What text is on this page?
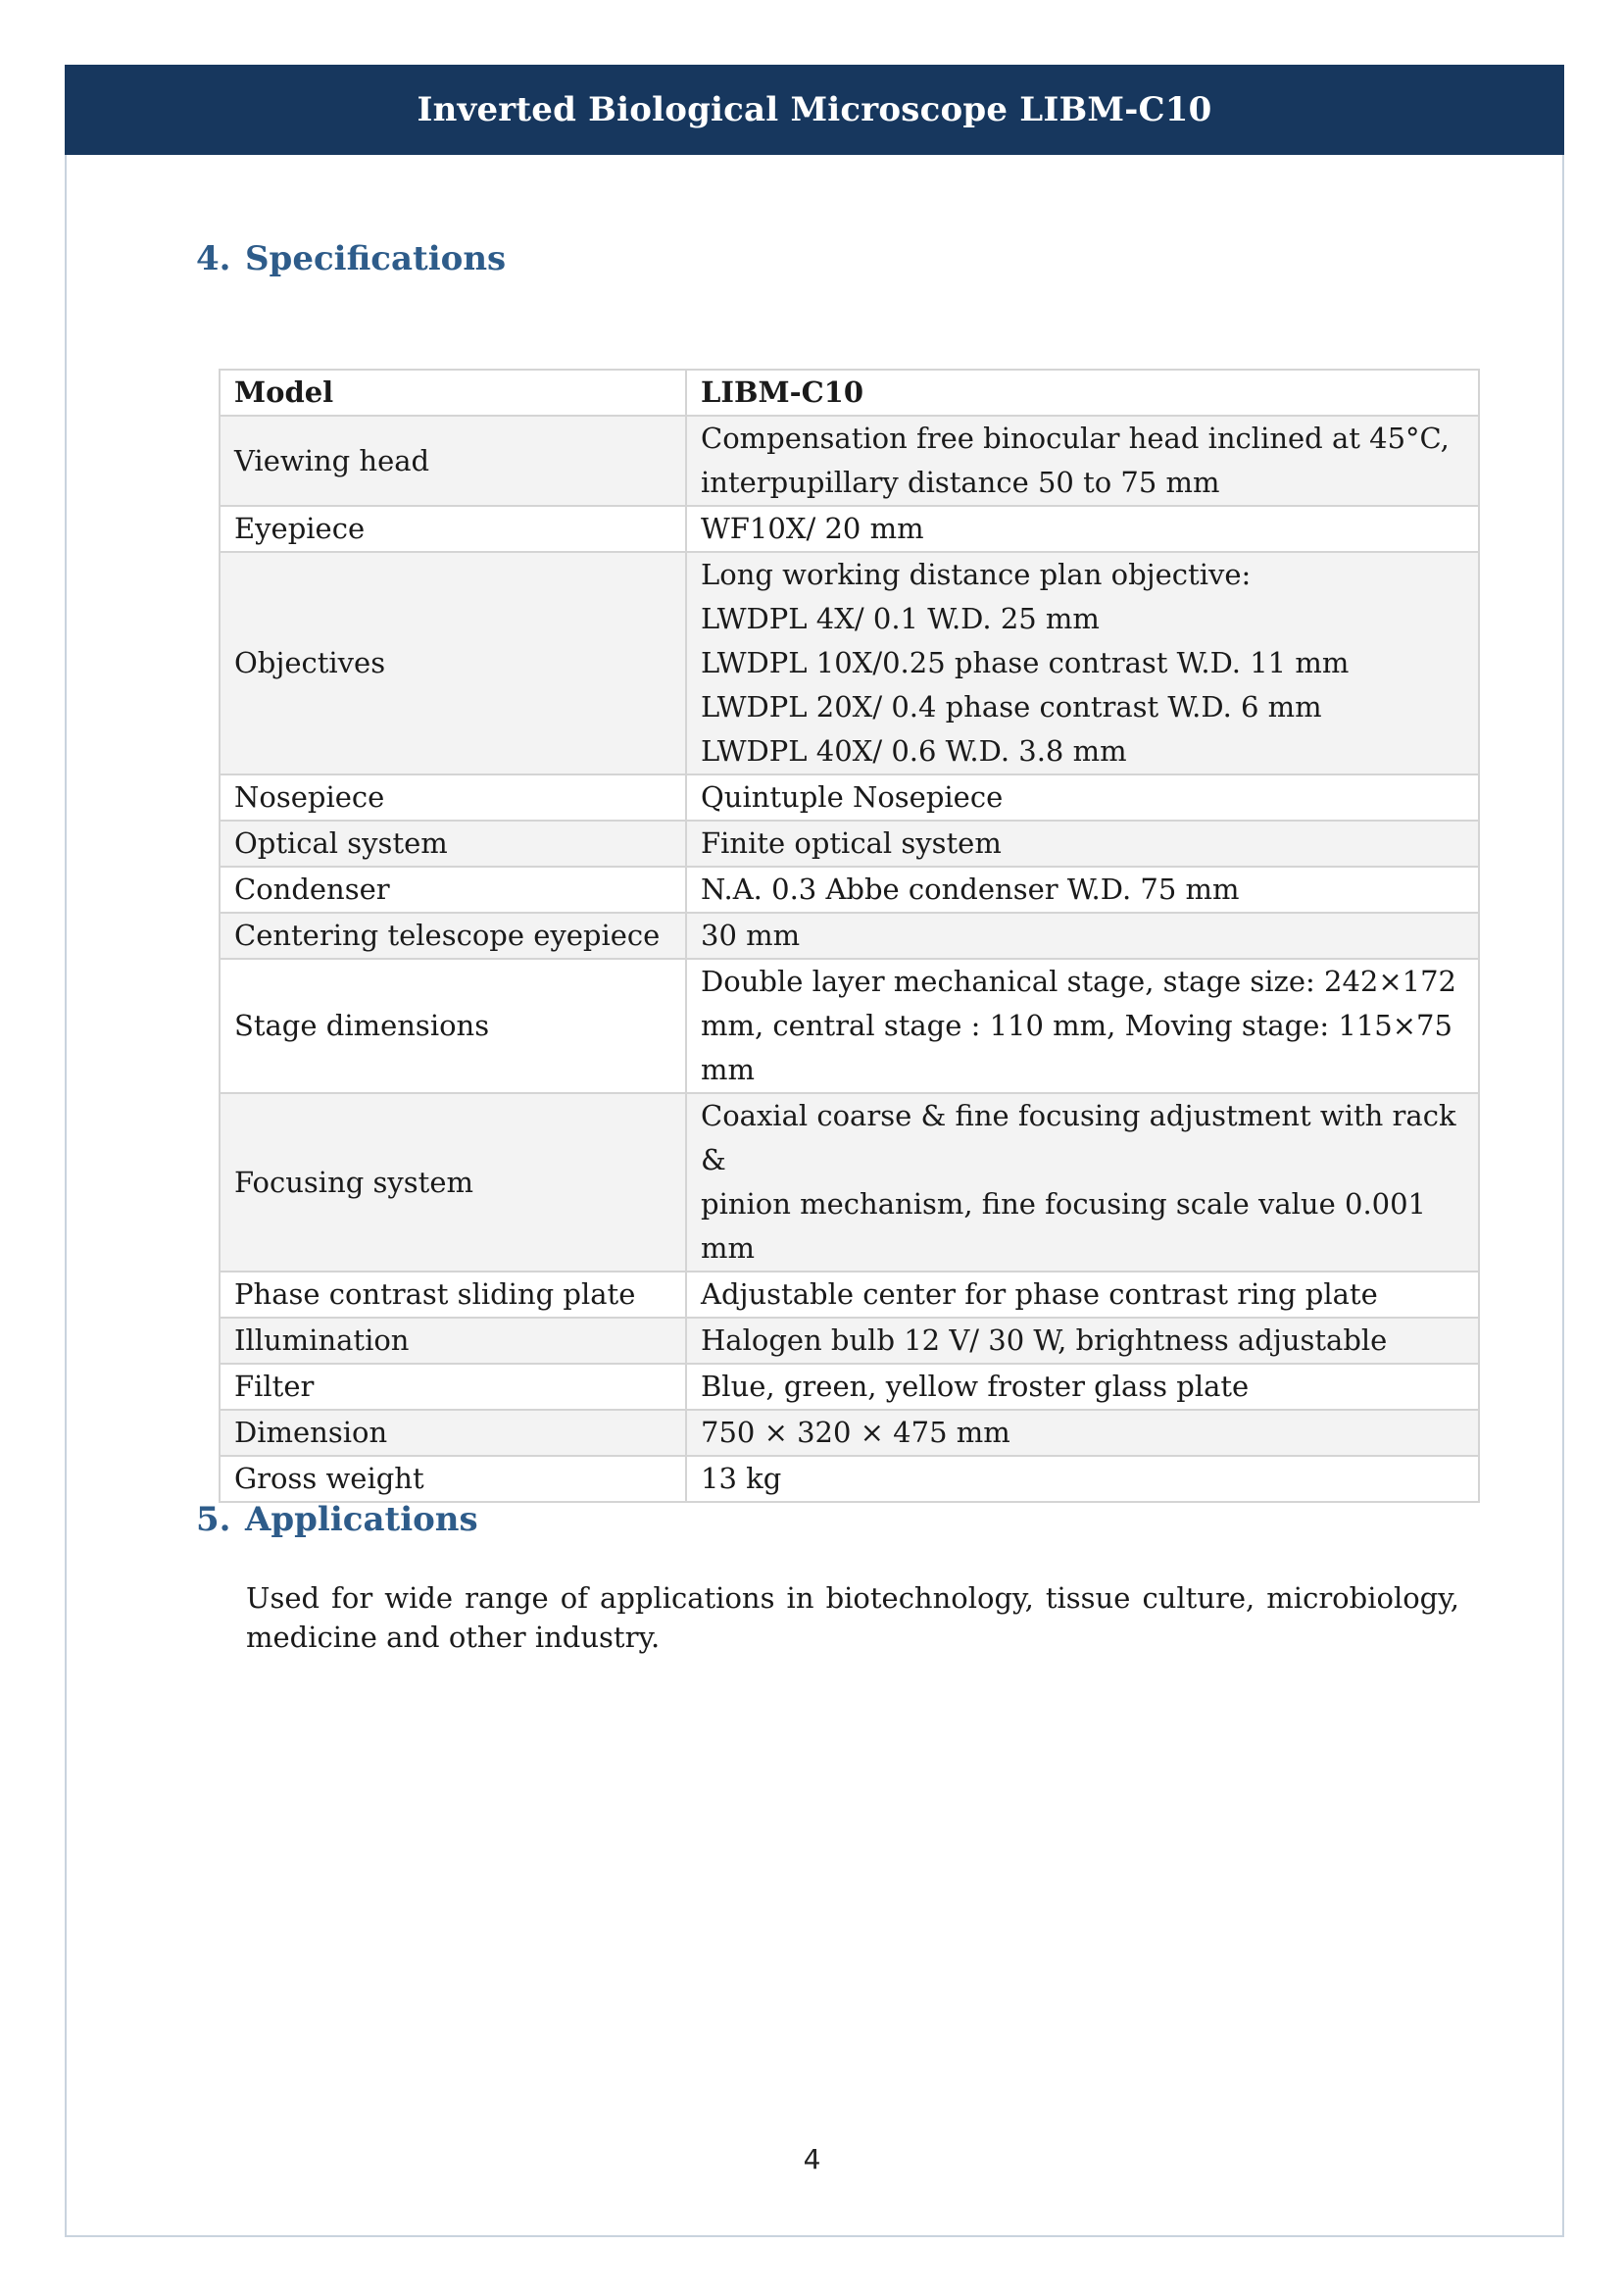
Inverted Biological Microscope LIBM-C10
4. Specifications
Model	LIBM-C10
Viewing head	Compensation free binocular head inclined at 45°C,
interpupillary distance 50 to 75 mm

Eyepiece	WF10X/ 20 mm

Objectives	Long working distance plan objective:
LWDPL 4X/ 0.1 W.D. 25 mm
LWDPL 10X/0.25 phase contrast W.D. 11 mm
LWDPL 20X/ 0.4 phase contrast W.D. 6 mm
LWDPL 40X/ 0.6 W.D. 3.8 mm

Nosepiece	Quintuple Nosepiece

Optical system	Finite optical system

Condenser	N.A. 0.3 Abbe condenser W.D. 75 mm

Centering telescope eyepiece	30 mm

Stage dimensions	Double layer mechanical stage, stage size: 242×172
mm, central stage : 110 mm, Moving stage: 115×75
mm

Focusing system	Coaxial coarse & fine focusing adjustment with rack &
pinion mechanism, fine focusing scale value 0.001 mm

Phase contrast sliding plate	Adjustable center for phase contrast ring plate

Illumination	Halogen bulb 12 V/ 30 W, brightness adjustable

Filter	Blue, green, yellow froster glass plate

Dimension	750 × 320 × 475 mm

Gross weight	13 kg
5. Applications
Used for wide range of applications in biotechnology, tissue culture, microbiology, medicine and other industry.
4
